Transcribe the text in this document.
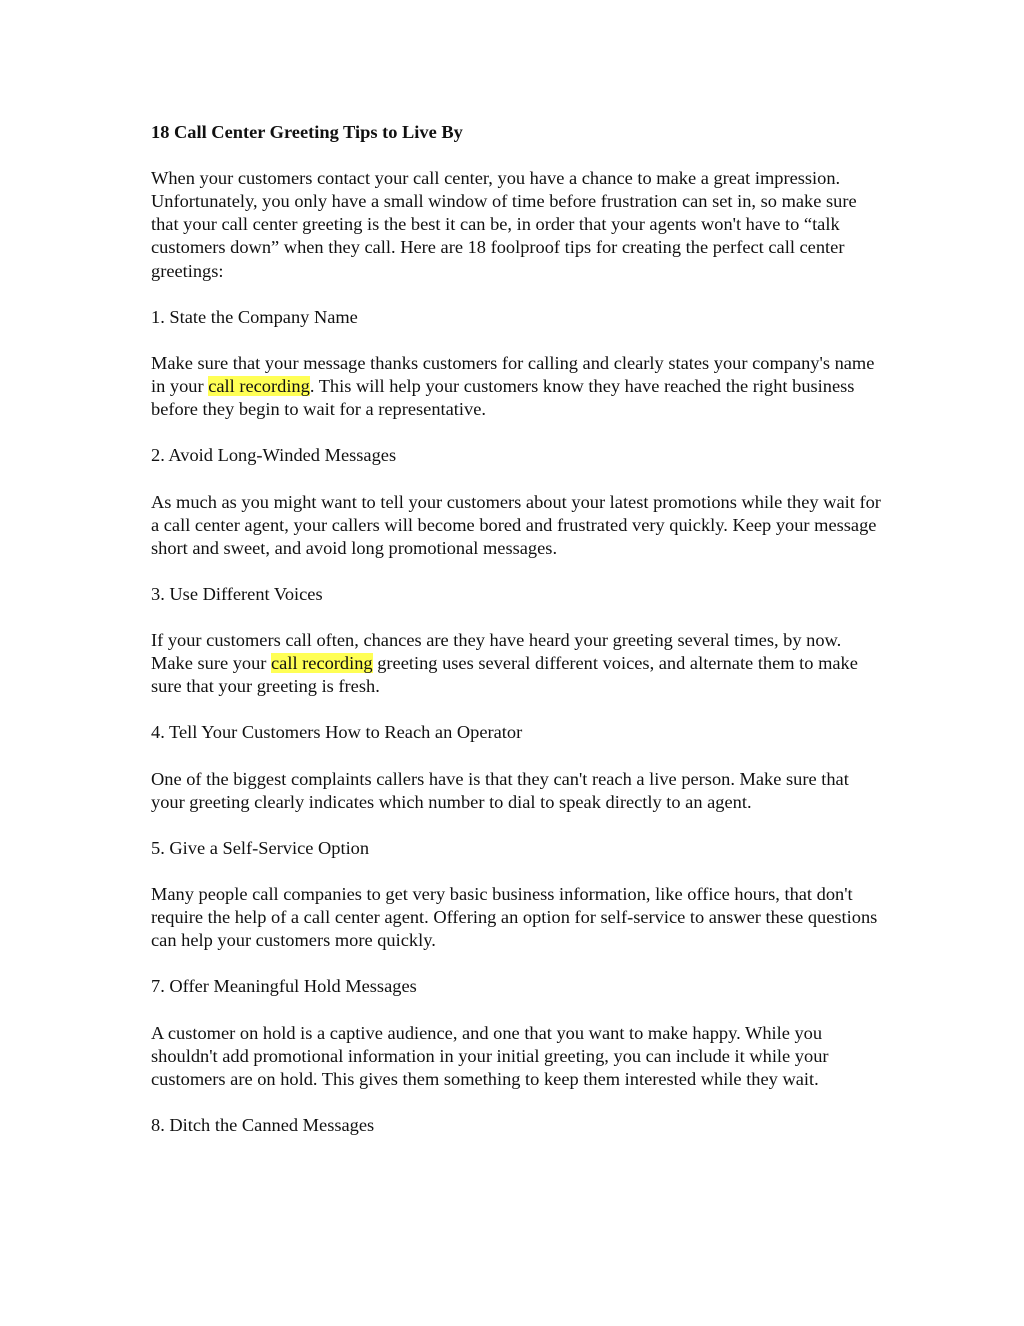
18 Call Center Greeting Tips to Live By

When your customers contact your call center, you have a chance to make a great impression. Unfortunately, you only have a small window of time before frustration can set in, so make sure that your call center greeting is the best it can be, in order that your agents won't have to “talk customers down” when they call. Here are 18 foolproof tips for creating the perfect call center greetings:

1. State the Company Name

Make sure that your message thanks customers for calling and clearly states your company's name in your call recording. This will help your customers know they have reached the right business before they begin to wait for a representative.

2. Avoid Long-Winded Messages

As much as you might want to tell your customers about your latest promotions while they wait for a call center agent, your callers will become bored and frustrated very quickly. Keep your message short and sweet, and avoid long promotional messages.

3. Use Different Voices

If your customers call often, chances are they have heard your greeting several times, by now. Make sure your call recording greeting uses several different voices, and alternate them to make sure that your greeting is fresh.

4. Tell Your Customers How to Reach an Operator

One of the biggest complaints callers have is that they can't reach a live person. Make sure that your greeting clearly indicates which number to dial to speak directly to an agent.

5. Give a Self-Service Option

Many people call companies to get very basic business information, like office hours, that don't require the help of a call center agent. Offering an option for self-service to answer these questions can help your customers more quickly.

7. Offer Meaningful Hold Messages

A customer on hold is a captive audience, and one that you want to make happy. While you shouldn't add promotional information in your initial greeting, you can include it while your customers are on hold. This gives them something to keep them interested while they wait.

8. Ditch the Canned Messages
